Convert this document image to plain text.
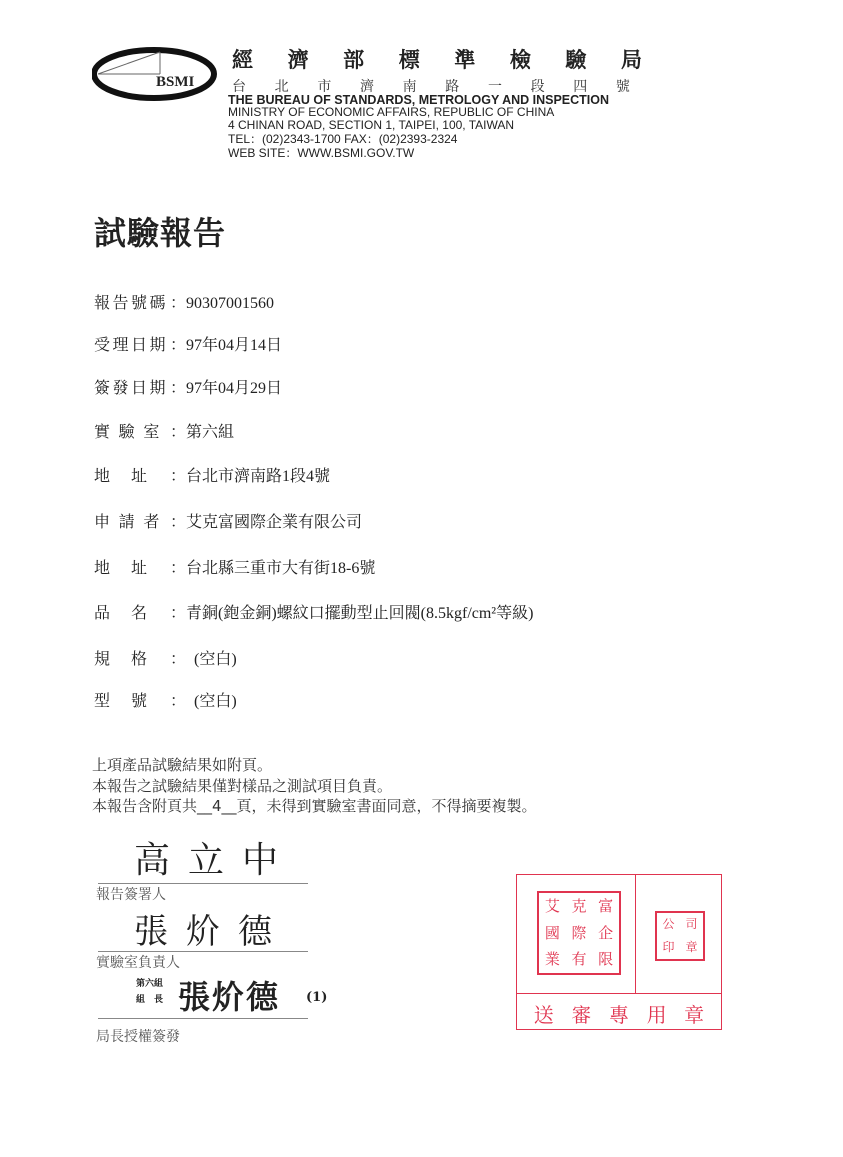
BSMI
經 濟 部 標 準 檢 驗 局
台 北 市 濟 南 路 一 段 四 號
THE BUREAU OF STANDARDS, METROLOGY AND INSPECTION
MINISTRY OF ECONOMIC AFFAIRS, REPUBLIC OF CHINA
4 CHINAN ROAD, SECTION 1, TAIPEI, 100, TAIWAN
TEL：(02)2343-1700 FAX：(02)2393-2324
WEB SITE：WWW.BSMI.GOV.TW
試驗報告
報 告 號 碼 ： 90307001560
受 理 日 期 ： 97年04月14日
簽 發 日 期 ： 97年04月29日
實 驗 室 ： 第六組
地 址 ： 台北市濟南路1段4號
申 請 者 ： 艾克富國際企業有限公司
地 址 ： 台北縣三重市大有街18-6號
品 名 ： 青銅(鉋金銅)螺紋口擺動型止回閥(8.5kgf/cm²等級)
規 格 ： (空白)
型 號 ： (空白)
上項產品試驗結果如附頁。
本報告之試驗結果僅對樣品之測試項目負責。
本報告含附頁共__4__頁，未得到實驗室書面同意，不得摘要複製。
高立中
報告簽署人
張炌德
實驗室負責人
第六組
組　長 張炌德 (1)
局長授權簽發
艾 克 富
國 際 企
業 有 限
公 司
印 章
送 審 專 用 章
